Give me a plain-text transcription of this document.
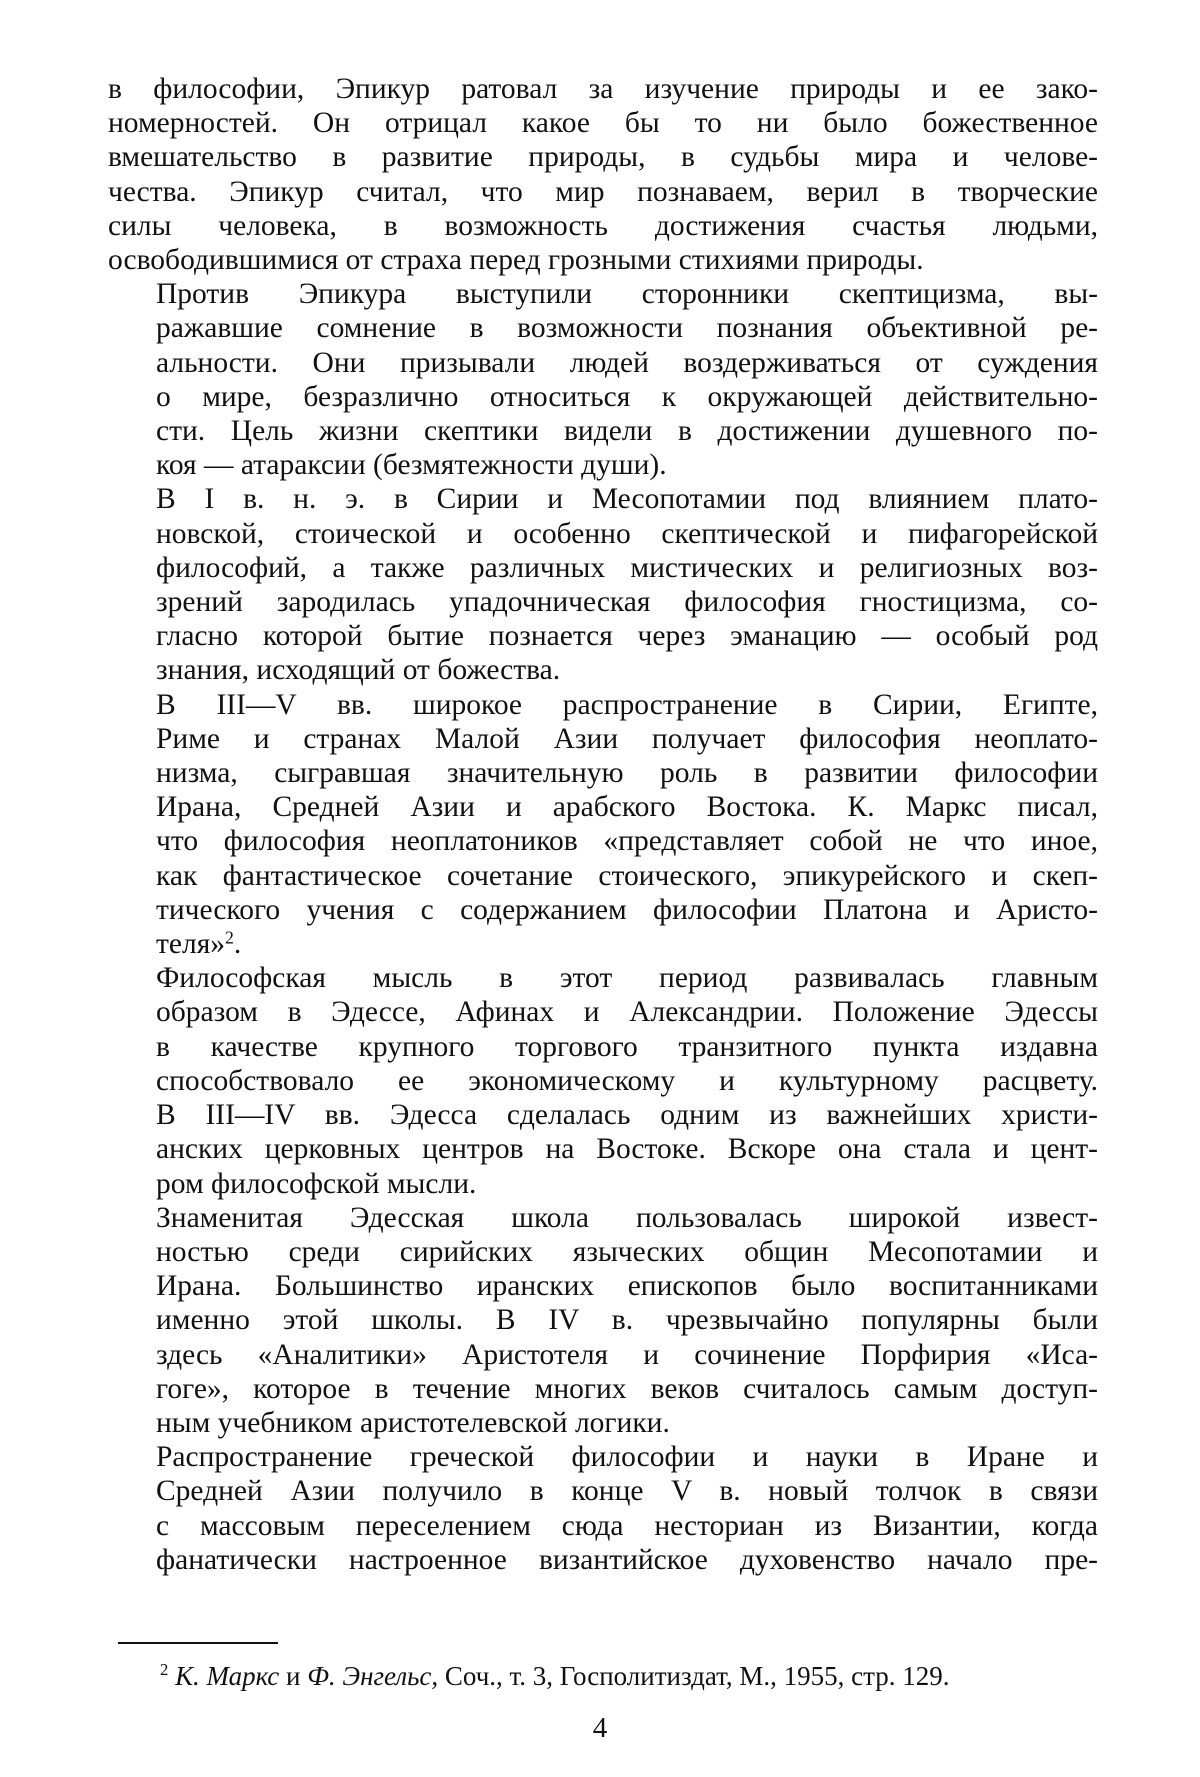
в философии, Эпикур ратовал за изучение природы и ее зако-
номерностей. Он отрицал какое бы то ни было божественное
вмешательство в развитие природы, в судьбы мира и челове-
чества. Эпикур считал, что мир познаваем, верил в творческие
силы человека, в возможность достижения счастья людьми,
освободившимися от страха перед грозными стихиями природы.

Против Эпикура выступили сторонники скептицизма, вы-
ражавшие сомнение в возможности познания объективной ре-
альности. Они призывали людей воздерживаться от суждения
о мире, безразлично относиться к окружающей действительно-
сти. Цель жизни скептики видели в достижении душевного по-
коя — атараксии (безмятежности души).

В I в. н. э. в Сирии и Месопотамии под влиянием плато-
новской, стоической и особенно скептической и пифагорейской
философий, а также различных мистических и религиозных воз-
зрений зародилась упадочническая философия гностицизма, со-
гласно которой бытие познается через эманацию — особый род
знания, исходящий от божества.

В III—V вв. широкое распространение в Сирии, Египте,
Риме и странах Малой Азии получает философия неоплато-
низма, сыгравшая значительную роль в развитии философии
Ирана, Средней Азии и арабского Востока. К. Маркс писал,
что философия неоплатоников «представляет собой не что иное,
как фантастическое сочетание стоического, эпикурейского и скеп-
тического учения с содержанием философии Платона и Аристо-
теля»$^2$.

Философская мысль в этот период развивалась главным
образом в Эдессе, Афинах и Александрии. Положение Эдессы
в качестве крупного торгового транзитного пункта издавна
способствовало ее экономическому и культурному расцвету.
В III—IV вв. Эдесса сделалась одним из важнейших христи-
анских церковных центров на Востоке. Вскоре она стала и цент-
ром философской мысли.

Знаменитая Эдесская школа пользовалась широкой извест-
ностью среди сирийских языческих общин Месопотамии и
Ирана. Большинство иранских епископов было воспитанниками
именно этой школы. В IV в. чрезвычайно популярны были
здесь «Аналитики» Аристотеля и сочинение Порфирия «Иса-
гоге», которое в течение многих веков считалось самым доступ-
ным учебником аристотелевской логики.

Распространение греческой философии и науки в Иране и
Средней Азии получило в конце V в. новый толчок в связи
с массовым переселением сюда несториан из Византии, когда
фанатически настроенное византийское духовенство начало пре-

$^2$ К. Маркс и Ф. Энгельс, Соч., т. 3, Госполитиздат, М., 1955, стр. 129.
4
